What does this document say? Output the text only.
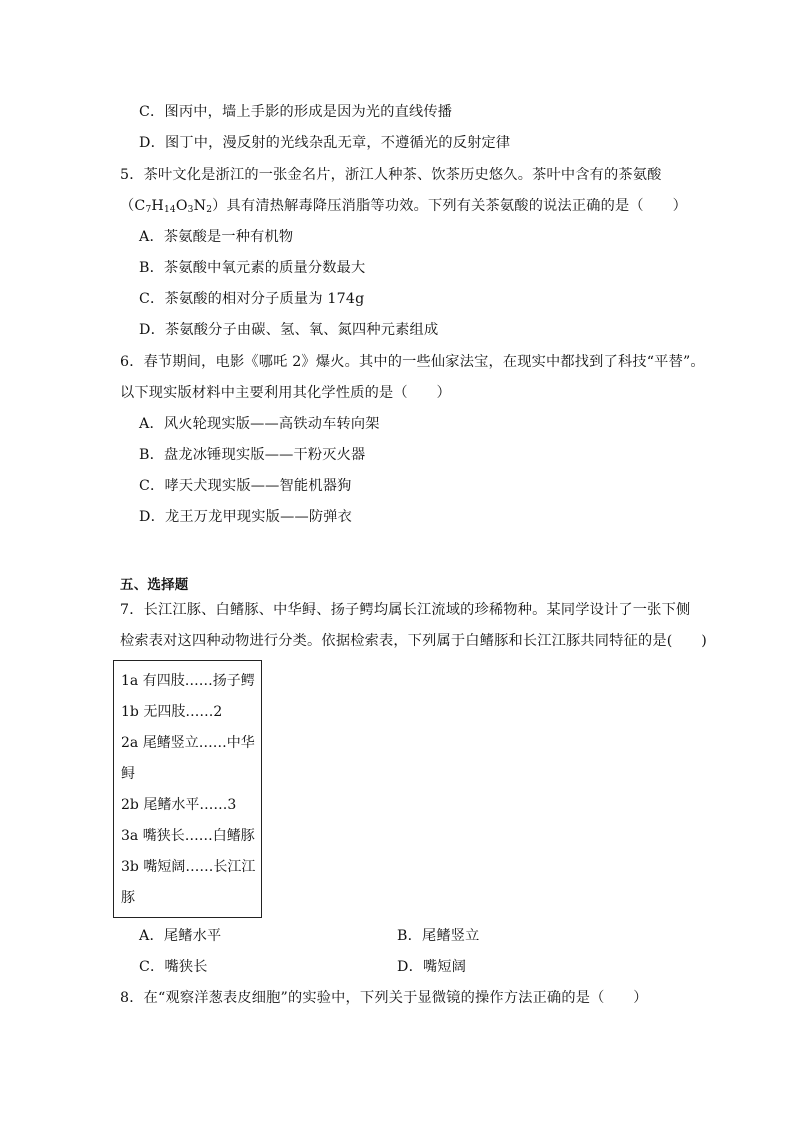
C．图丙中，墙上手影的形成是因为光的直线传播
D．图丁中，漫反射的光线杂乱无章，不遵循光的反射定律
5．茶叶文化是浙江的一张金名片，浙江人种茶、饮茶历史悠久。茶叶中含有的茶氨酸
$(C_7H_{14}O_3N_2)$具有清热解毒降压消脂等功效。下列有关茶氨酸的说法正确的是（　　）
A．茶氨酸是一种有机物
B．茶氨酸中氧元素的质量分数最大
C．茶氨酸的相对分子质量为 174g
D．茶氨酸分子由碳、氢、氧、氮四种元素组成
6．春节期间，电影《哪吒 2》爆火。其中的一些仙家法宝，在现实中都找到了科技“平替”。
以下现实版材料中主要利用其化学性质的是（　　）
A．风火轮现实版——高铁动车转向架
B．盘龙冰锤现实版——干粉灭火器
C．哮天犬现实版——智能机器狗
D．龙王万龙甲现实版——防弹衣
五、选择题
7．长江江豚、白鳍豚、中华鲟、扬子鳄均属长江流域的珍稀物种。某同学设计了一张下侧
检索表对这四种动物进行分类。依据检索表，下列属于白鳍豚和长江江豚共同特征的是(　　)
1a 有四肢……扬子鳄
1b 无四肢……2
2a 尾鳍竖立……中华
鲟
2b 尾鳍水平……3
3a 嘴狭长……白鳍豚
3b 嘴短阔……长江江
豚
A．尾鳍水平	B．尾鳍竖立
C．嘴狭长	D．嘴短阔
8．在“观察洋葱表皮细胞”的实验中，下列关于显微镜的操作方法正确的是（　　）
